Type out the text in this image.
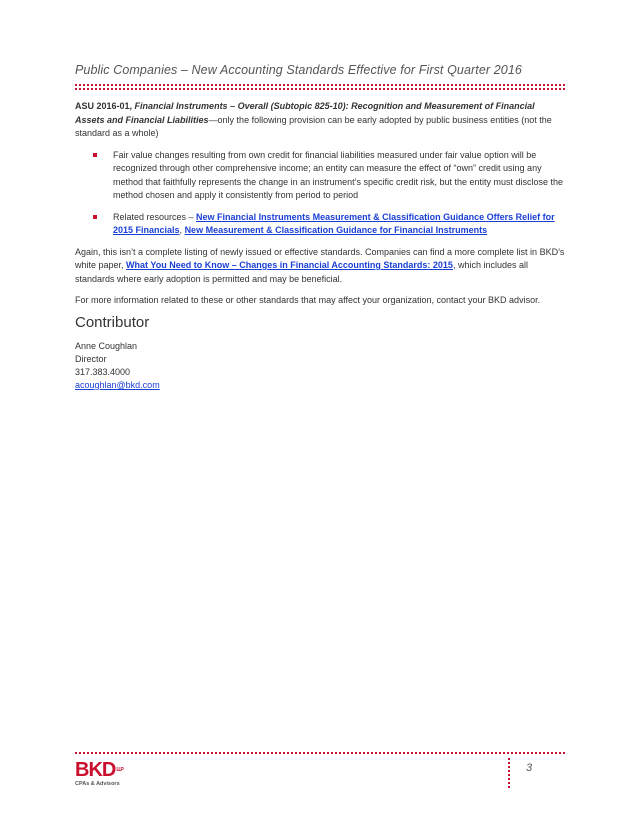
Public Companies – New Accounting Standards Effective for First Quarter 2016

ASU 2016-01, Financial Instruments – Overall (Subtopic 825-10): Recognition and Measurement of Financial Assets and Financial Liabilities—only the following provision can be early adopted by public business entities (not the standard as a whole)

Fair value changes resulting from own credit for financial liabilities measured under fair value option will be recognized through other comprehensive income; an entity can measure the effect of “own” credit using any method that faithfully represents the change in an instrument’s specific credit risk, but the entity must disclose the method chosen and apply it consistently from period to period
Related resources – New Financial Instruments Measurement & Classification Guidance Offers Relief for 2015 Financials, New Measurement & Classification Guidance for Financial Instruments

Again, this isn’t a complete listing of newly issued or effective standards. Companies can find a more complete list in BKD’s white paper, What You Need to Know – Changes in Financial Accounting Standards: 2015, which includes all standards where early adoption is permitted and may be beneficial.

For more information related to these or other standards that may affect your organization, contact your BKD advisor.

Contributor
Anne Coughlan
Director
317.383.4000
acoughlan@bkd.com
$BKD^{LLP}$
CPAs & Advisors
3
